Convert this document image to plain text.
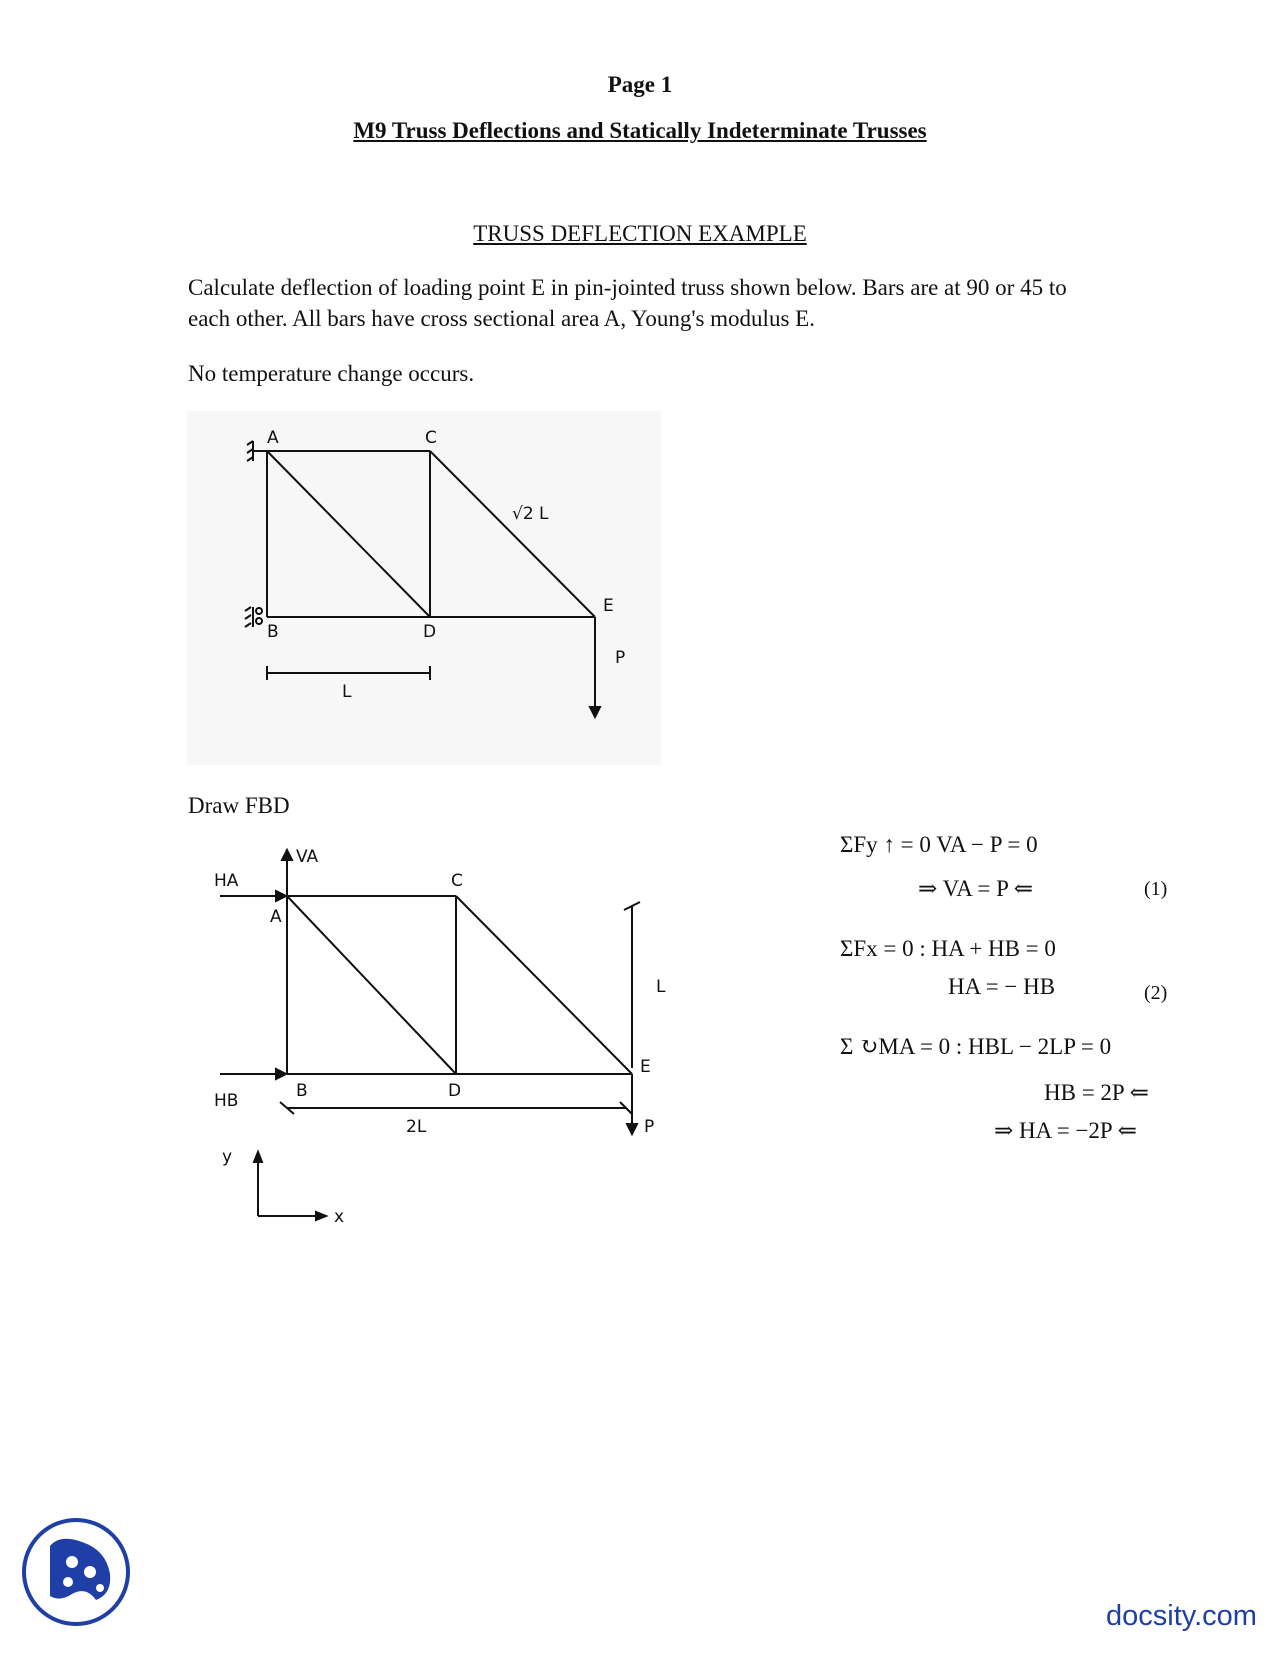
Page 1
M9 Truss Deflections and Statically Indeterminate Trusses
TRUSS DEFLECTION EXAMPLE
Calculate deflection of loading point E in pin-jointed truss shown below. Bars are at 90 or 45 to each other. All bars have cross sectional area A, Young's modulus E.
No temperature change occurs.
A	C
B	D
E
P
L
√2 L
Draw FBD
HA
VA
A
C
B	D
E
HB
P
L
2L
y
x
ΣFy ↑ = 0 VA − P = 0
⇒ VA = P ⇐	(1)
ΣFx = 0 : HA + HB = 0
HA = − HB	(2)
Σ ↻MA = 0 : HBL − 2LP = 0
HB = 2P ⇐
⇒ HA = −2P ⇐
docsity.com
